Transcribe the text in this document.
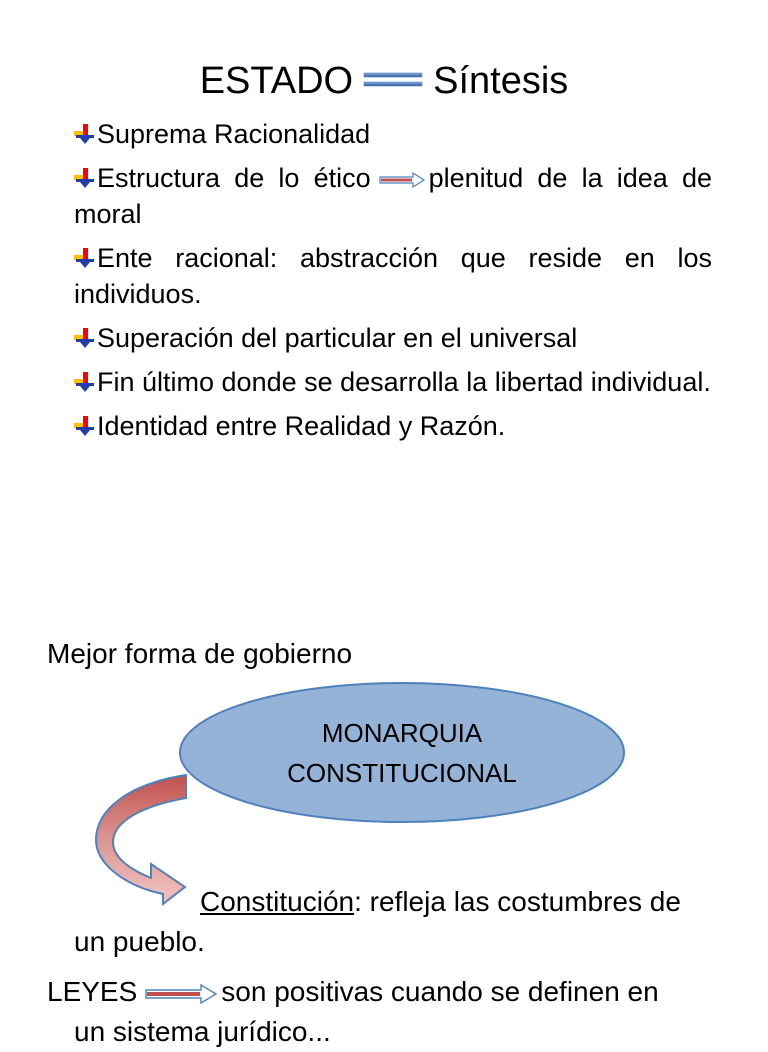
ESTADO Síntesis
Suprema Racionalidad
Estructura de lo ético plenitud de la idea de moral
Ente racional: abstracción que reside en los individuos.
Superación del particular en el universal
Fin último donde se desarrolla la libertad individual.
Identidad entre Realidad y Razón.
Mejor forma de gobierno
MONARQUIA
CONSTITUCIONAL
Constitución: refleja las costumbres de un pueblo.
LEYES	son positivas cuando se definen en
un sistema jurídico...
